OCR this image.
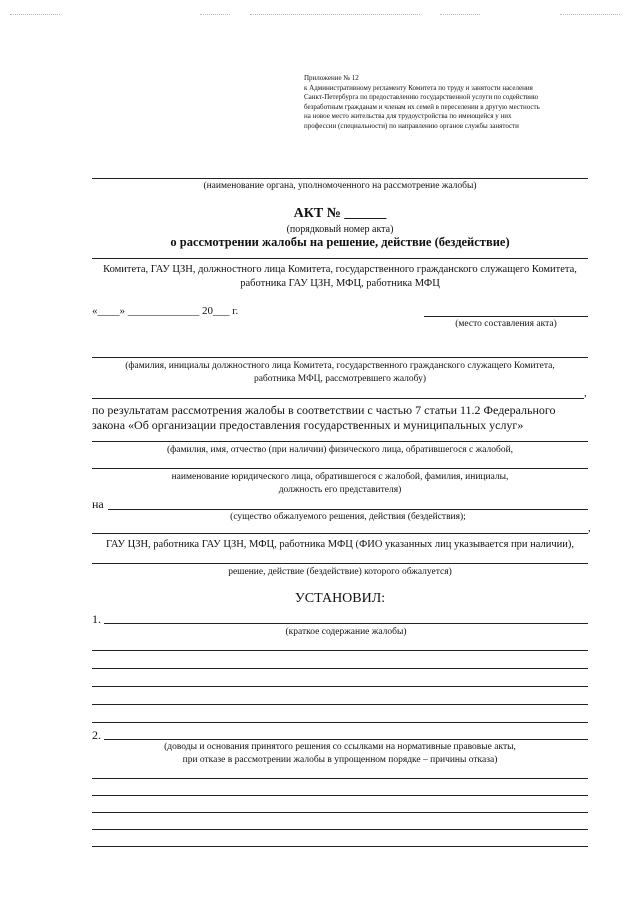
Приложение № 12
к Административному регламенту Комитета по труду и занятости населения
Санкт-Петербурга по предоставлению государственной услуги по содействию
безработным гражданам и членам их семей в переселении в другую местность
на новое место жительства для трудоустройства по имеющейся у них
профессии (специальности) по направлению органов службы занятости
(наименование органа, уполномоченного на рассмотрение жалобы)
АКТ № ______
(порядковый номер акта)
о рассмотрении жалобы на решение, действие (бездействие)
Комитета, ГАУ ЦЗН, должностного лица Комитета, государственного гражданского служащего Комитета,
работника ГАУ ЦЗН, МФЦ, работника МФЦ
«____» _____________ 20___ г.
(место составления акта)
(фамилия, инициалы должностного лица Комитета, государственного гражданского служащего Комитета,
работника МФЦ, рассмотревшего жалобу)
,
по результатам рассмотрения жалобы в соответствии с частью 7 статьи 11.2 Федерального
закона «Об организации предоставления государственных и муниципальных услуг»
(фамилия, имя, отчество (при наличии) физического лица, обратившегося с жалобой,
наименование юридического лица, обратившегося с жалобой, фамилия, инициалы,
должность его представителя)
на
(существо обжалуемого решения, действия (бездействия);
,
ГАУ ЦЗН, работника ГАУ ЦЗН, МФЦ, работника МФЦ (ФИО указанных лиц указывается при наличии),
решение, действие (бездействие) которого обжалуется)
УСТАНОВИЛ:
1.
(краткое содержание жалобы)
2.
(доводы и основания принятого решения со ссылками на нормативные правовые акты,
при отказе в рассмотрении жалобы в упрощенном порядке – причины отказа)
